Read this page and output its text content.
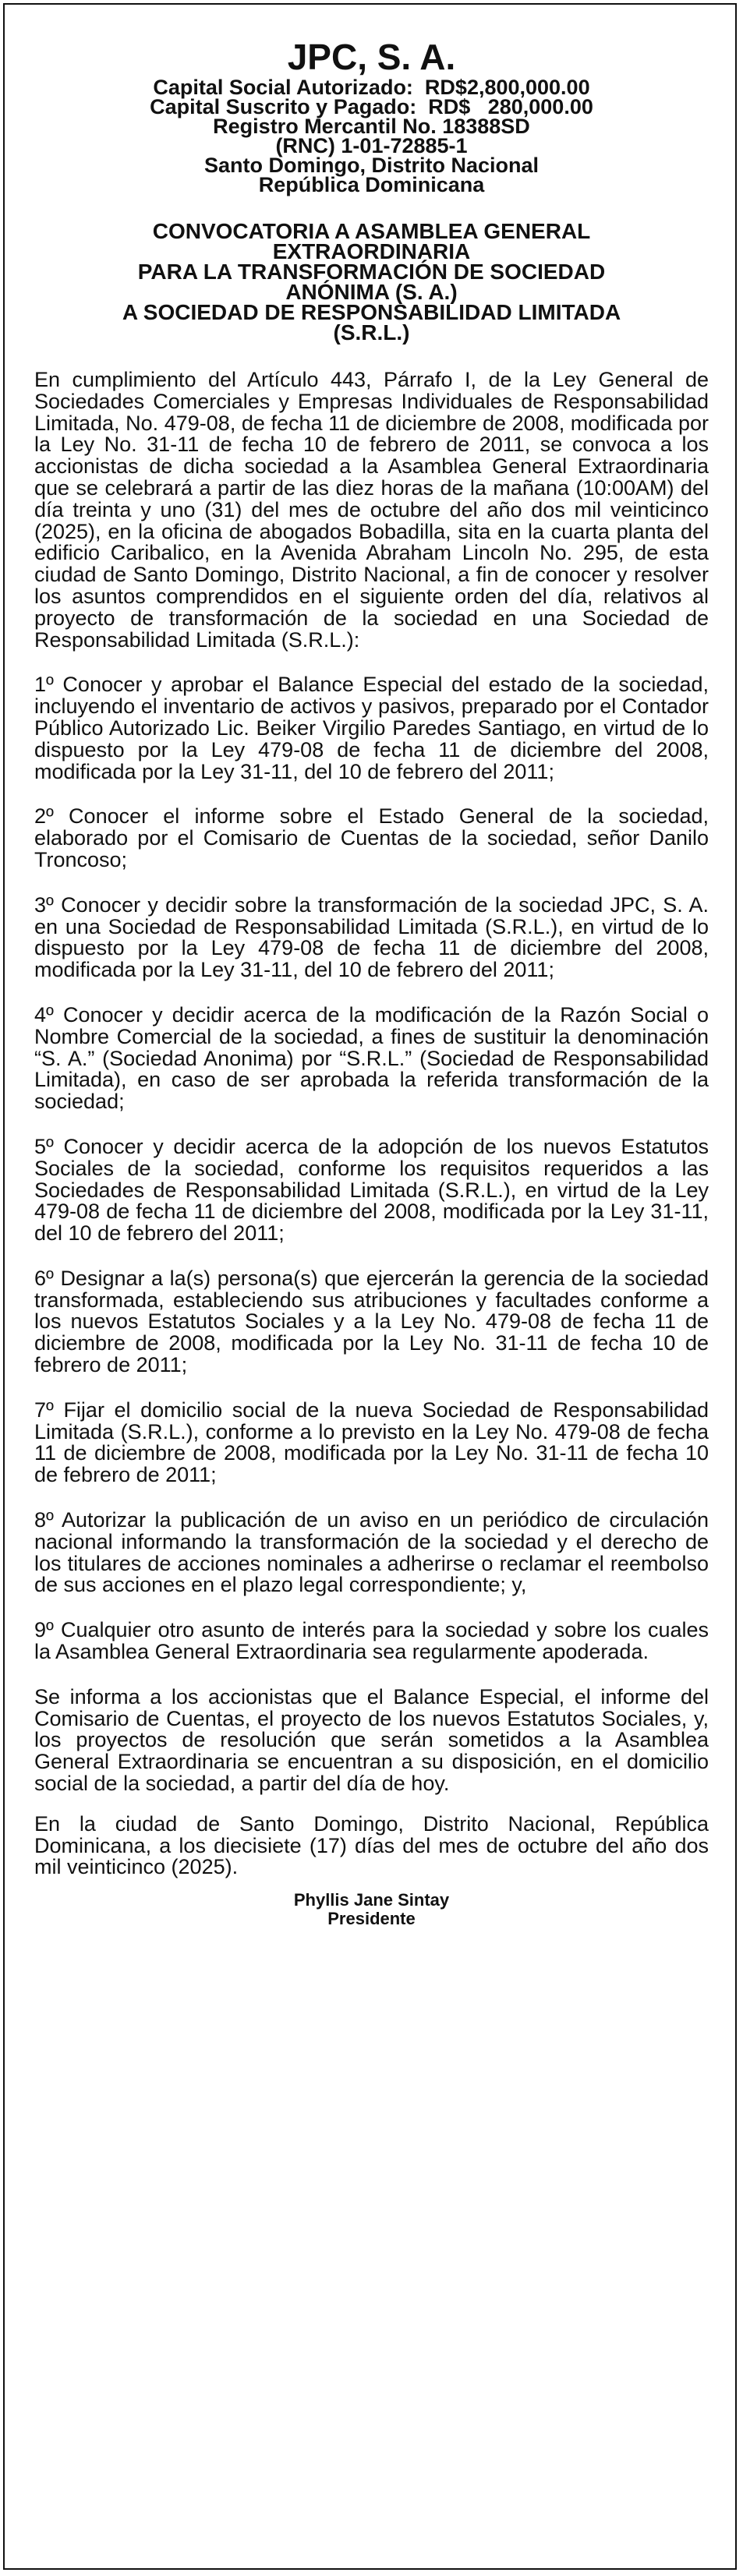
JPC, S. A.

Capital Social Autorizado:  RD$2,800,000.00

Capital Suscrito y Pagado:  RD$   280,000.00

Registro Mercantil No. 18388SD

(RNC) 1-01-72885-1

Santo Domingo, Distrito Nacional

República Dominicana

CONVOCATORIA A ASAMBLEA GENERAL

EXTRAORDINARIA

PARA LA TRANSFORMACIÓN DE SOCIEDAD

ANÓNIMA (S. A.)

A SOCIEDAD DE RESPONSABILIDAD LIMITADA

(S.R.L.)

En cumplimiento del Artículo 443, Párrafo I, de la Ley General de Sociedades Comerciales y Empresas Individuales de Responsabilidad Limitada, No. 479-08, de fecha 11 de diciembre de 2008, modificada por la Ley No. 31-11 de fecha 10 de febrero de 2011, se convoca a los accionistas de dicha sociedad a la Asamblea General Extraordinaria que se celebrará a partir de las diez horas de la mañana (10:00AM) del día treinta y uno (31) del mes de octubre del año dos mil veinticinco (2025), en la oficina de abogados Bobadilla, sita en la cuarta planta del edificio Caribalico, en la Avenida Abraham Lincoln No. 295, de esta ciudad de Santo Domingo, Distrito Nacional, a fin de conocer y resolver los asuntos comprendidos en el siguiente orden del día, relativos al proyecto de transformación de la sociedad en una Sociedad de Responsabilidad Limitada (S.R.L.):

1º Conocer y aprobar el Balance Especial del estado de la sociedad, incluyendo el inventario de activos y pasivos, preparado por el Contador Público Autorizado Lic. Beiker Virgilio Paredes Santiago, en virtud de lo dispuesto por la Ley 479-08 de fecha 11 de diciembre del 2008, modificada por la Ley 31-11, del 10 de febrero del 2011;

2º Conocer el informe sobre el Estado General de la sociedad, elaborado por el Comisario de Cuentas de la sociedad, señor Danilo Troncoso;

3º Conocer y decidir sobre la transformación de la sociedad JPC, S. A. en una Sociedad de Responsabilidad Limitada (S.R.L.), en virtud de lo dispuesto por la Ley 479-08 de fecha 11 de diciembre del 2008, modificada por la Ley 31-11, del 10 de febrero del 2011;

4º Conocer y decidir acerca de la modificación de la Razón Social o Nombre Comercial de la sociedad, a fines de sustituir la denominación “S. A.” (Sociedad Anonima) por “S.R.L.” (Sociedad de Responsabilidad Limitada), en caso de ser aprobada la referida transformación de la sociedad;

5º Conocer y decidir acerca de la adopción de los nuevos Estatutos Sociales de la sociedad, conforme los requisitos requeridos a las Sociedades de Responsabilidad Limitada (S.R.L.), en virtud de la Ley 479-08 de fecha 11 de diciembre del 2008, modificada por la Ley 31-11, del 10 de febrero del 2011;

6º Designar a la(s) persona(s) que ejercerán la gerencia de la sociedad transformada, estableciendo sus atribuciones y facultades conforme a los nuevos Estatutos Sociales y a la Ley No. 479-08 de fecha 11 de diciembre de 2008, modificada por la Ley No. 31-11 de fecha 10 de febrero de 2011;

7º Fijar el domicilio social de la nueva Sociedad de Responsabilidad Limitada (S.R.L.), conforme a lo previsto en la Ley No. 479-08 de fecha 11 de diciembre de 2008, modificada por la Ley No. 31-11 de fecha 10 de febrero de 2011;

8º Autorizar la publicación de un aviso en un periódico de circulación nacional informando la transformación de la sociedad y el derecho de los titulares de acciones nominales a adherirse o reclamar el reembolso de sus acciones en el plazo legal correspondiente; y,

9º Cualquier otro asunto de interés para la sociedad y sobre los cuales la Asamblea General Extraordinaria sea regularmente apoderada.

Se informa a los accionistas que el Balance Especial, el informe del Comisario de Cuentas, el proyecto de los nuevos Estatutos Sociales, y, los proyectos de resolución que serán sometidos a la Asamblea General Extraordinaria se encuentran a su disposición, en el domicilio social de la sociedad, a partir del día de hoy.

En la ciudad de Santo Domingo, Distrito Nacional, República Dominicana, a los diecisiete (17) días del mes de octubre del año dos mil veinticinco (2025).

Phyllis Jane Sintay

Presidente
